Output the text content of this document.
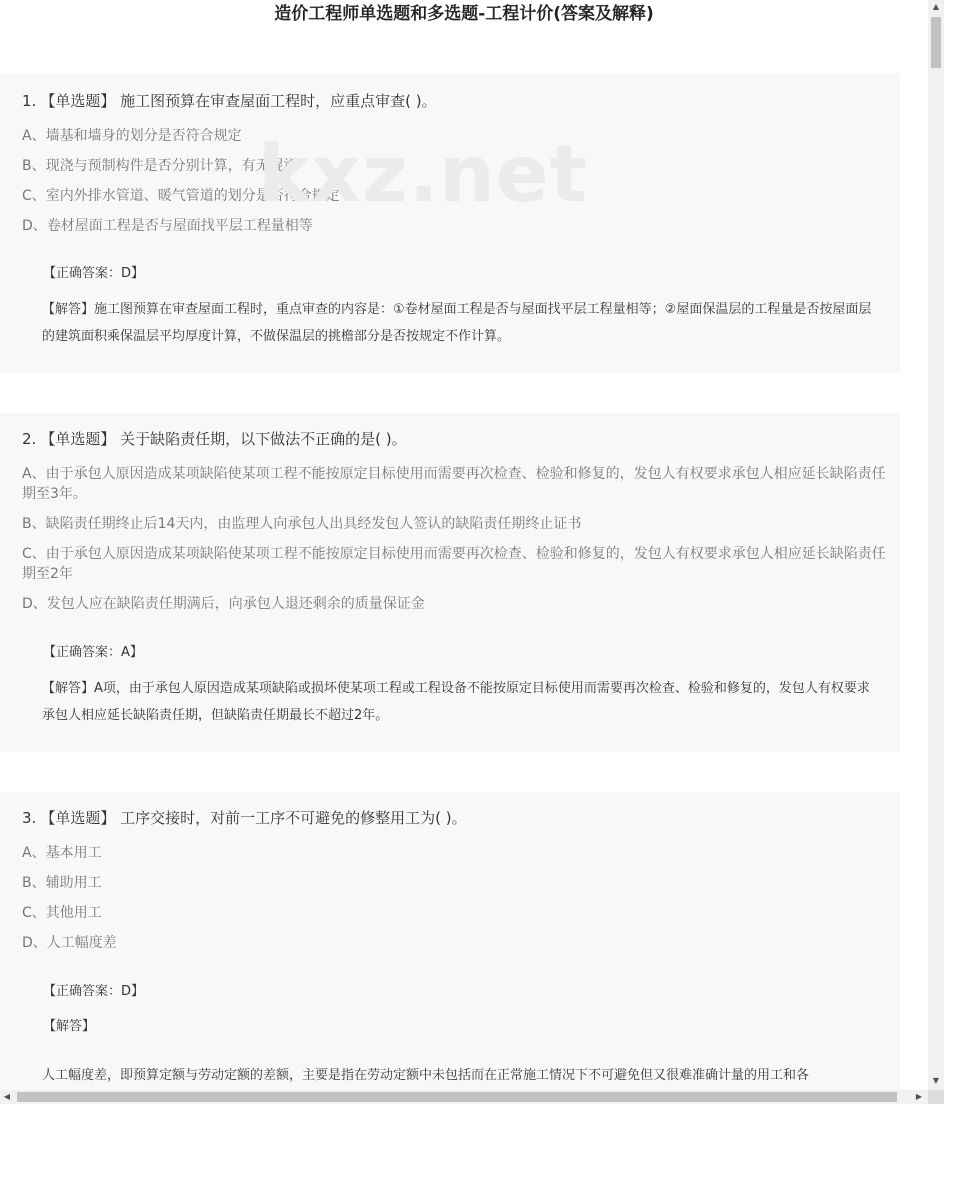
造价工程师单选题和多选题-工程计价(答案及解释)
kxz.net
1. 【单选题】 施工图预算在审查屋面工程时，应重点审查( )。
A、墙基和墙身的划分是否符合规定
B、现浇与预制构件是否分别计算，有无混淆
C、室内外排水管道、暖气管道的划分是否符合规定
D、卷材屋面工程是否与屋面找平层工程量相等
【正确答案：D】
【解答】施工图预算在审查屋面工程时，重点审查的内容是：①卷材屋面工程是否与屋面找平层工程量相等；②屋面保温层的工程量是否按屋面层的建筑面积乘保温层平均厚度计算，不做保温层的挑檐部分是否按规定不作计算。
2. 【单选题】 关于缺陷责任期，以下做法不正确的是( )。
A、由于承包人原因造成某项缺陷使某项工程不能按原定目标使用而需要再次检查、检验和修复的，发包人有权要求承包人相应延长缺陷责任期至3年。
B、缺陷责任期终止后14天内，由监理人向承包人出具经发包人签认的缺陷责任期终止证书
C、由于承包人原因造成某项缺陷使某项工程不能按原定目标使用而需要再次检查、检验和修复的，发包人有权要求承包人相应延长缺陷责任期至2年
D、发包人应在缺陷责任期满后，向承包人退还剩余的质量保证金
【正确答案：A】
【解答】A项，由于承包人原因造成某项缺陷或损坏使某项工程或工程设备不能按原定目标使用而需要再次检查、检验和修复的，发包人有权要求承包人相应延长缺陷责任期，但缺陷责任期最长不超过2年。
3. 【单选题】 工序交接时，对前一工序不可避免的修整用工为( )。
A、基本用工
B、辅助用工
C、其他用工
D、人工幅度差
【正确答案：D】
【解答】
人工幅度差，即预算定额与劳动定额的差额，主要是指在劳动定额中未包括而在正常施工情况下不可避免但又很难准确计量的用工和各
▲
▼
◀	▶
